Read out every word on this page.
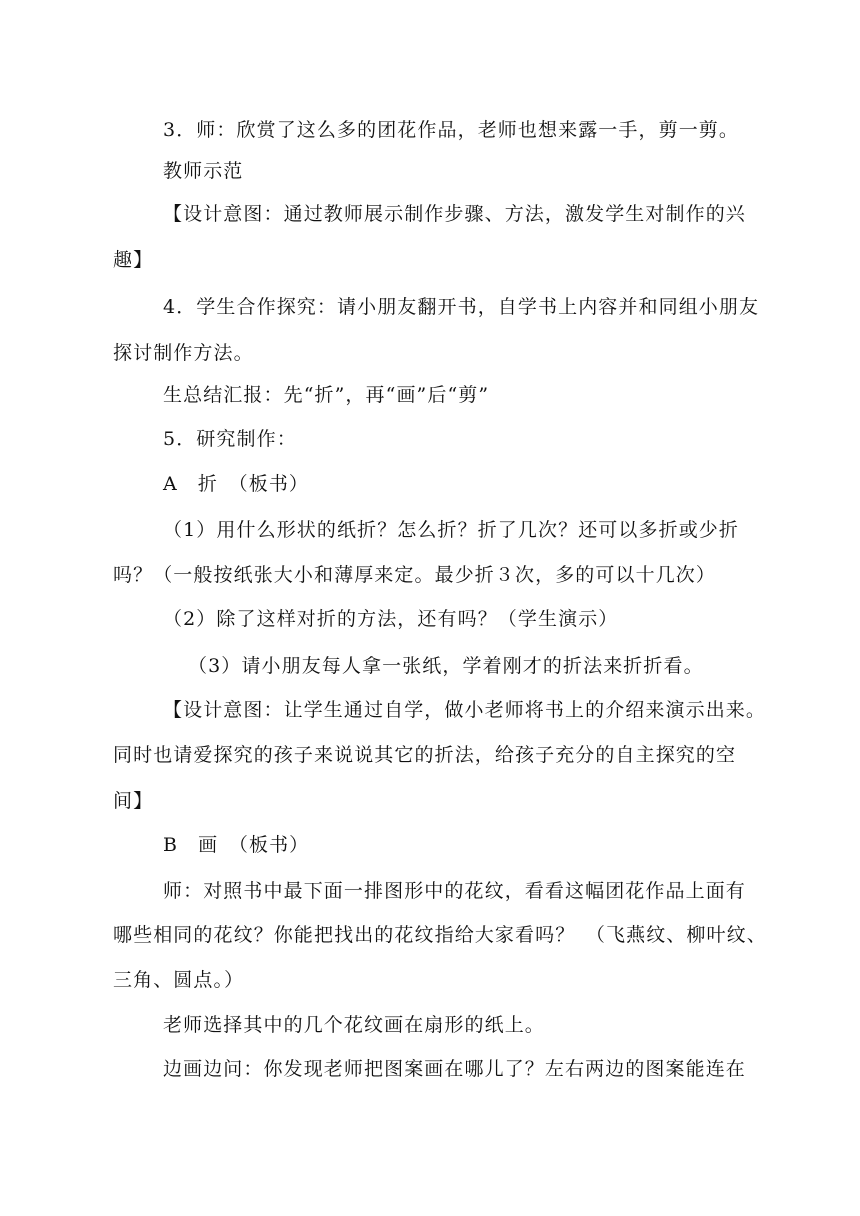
3．师：欣赏了这么多的团花作品，老师也想来露一手，剪一剪。
教师示范
【设计意图：通过教师展示制作步骤、方法，激发学生对制作的兴
趣】
4．学生合作探究：请小朋友翻开书，自学书上内容并和同组小朋友
探讨制作方法。
生总结汇报：先“折”，再“画”后“剪”
5．研究制作：
A　折　（板书）
（1）用什么形状的纸折？怎么折？折了几次？还可以多折或少折
吗？（一般按纸张大小和薄厚来定。最少折３次，多的可以十几次）
（2）除了这样对折的方法，还有吗？（学生演示）
（3）请小朋友每人拿一张纸，学着刚才的折法来折折看。
【设计意图：让学生通过自学，做小老师将书上的介绍来演示出来。
同时也请爱探究的孩子来说说其它的折法，给孩子充分的自主探究的空
间】
B　画　（板书）
师：对照书中最下面一排图形中的花纹，看看这幅团花作品上面有
哪些相同的花纹？你能把找出的花纹指给大家看吗？　（飞燕纹、柳叶纹、
三角、圆点。）
老师选择其中的几个花纹画在扇形的纸上。
边画边问：你发现老师把图案画在哪儿了？左右两边的图案能连在
